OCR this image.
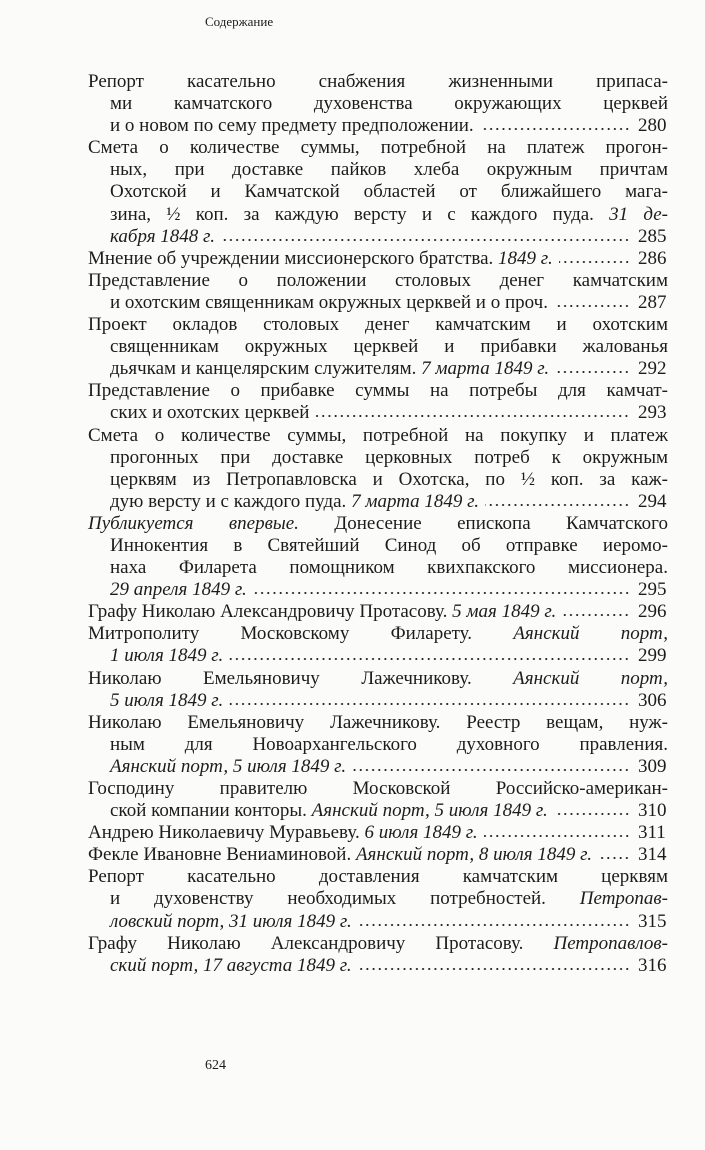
Содержание
Репорт касательно снабжения жизненными припаса-
ми камчатского духовенства окружающих церквей
и о новом по сему предмету предположении.	280
Смета о количестве суммы, потребной на платеж прогон-
ных, при доставке пайков хлеба окружным причтам
Охотской и Камчатской областей от ближайшего мага-
зина, ½ коп. за каждую версту и с каждого пуда. 31 де-
кабря 1848 г.	285
Мнение об учреждении миссионерского братства. 1849 г.	286
Представление о положении столовых денег камчатским
и охотским священникам окружных церквей и о проч.	287
Проект окладов столовых денег камчатским и охотским
священникам окружных церквей и прибавки жалованья
дьячкам и канцелярским служителям. 7 марта 1849 г.	292
Представление о прибавке суммы на потребы для камчат-
ских и охотских церквей	293
Смета о количестве суммы, потребной на покупку и платеж
прогонных при доставке церковных потреб к окружным
церквям из Петропавловска и Охотска, по ½ коп. за каж-
дую версту и с каждого пуда. 7 марта 1849 г.	294
Публикуется впервые. Донесение епископа Камчатского
Иннокентия в Святейший Синод об отправке иеромо-
наха Филарета помощником квихпакского миссионера.
29 апреля 1849 г.	295
Графу Николаю Александровичу Протасову. 5 мая 1849 г.	296
Митрополиту Московскому Филарету. Аянский порт,
1 июля 1849 г.	299
Николаю Емельяновичу Лажечникову. Аянский порт,
5 июля 1849 г.	306
Николаю Емельяновичу Лажечникову. Реестр вещам, нуж-
ным для Новоархангельского духовного правления.
Аянский порт, 5 июля 1849 г.	309
Господину правителю Московской Российско-американ-
ской компании конторы. Аянский порт, 5 июля 1849 г.	310
Андрею Николаевичу Муравьеву. 6 июля 1849 г.	311
Фекле Ивановне Вениаминовой. Аянский порт, 8 июля 1849 г. 314
Репорт касательно доставления камчатским церквям
и духовенству необходимых потребностей. Петропав-
ловский порт, 31 июля 1849 г.	315
Графу Николаю Александровичу Протасову. Петропавлов-
ский порт, 17 августа 1849 г.	316
624
